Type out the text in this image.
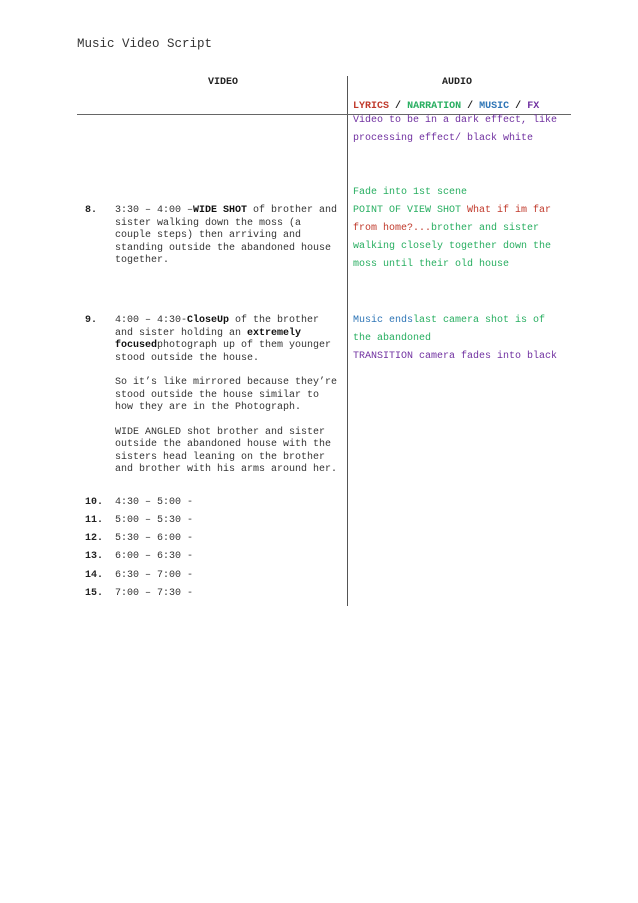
Music Video Script
VIDEO	AUDIO
LYRICS / NARRATION / MUSIC / FX
Video to be in a dark effect, like processing effect/ black white
Fade into 1st scene
8. 3:30 – 4:00 –WIDE SHOT of brother and sister walking down the moss (a couple steps) then arriving and standing outside the abandoned house together.
POINT OF VIEW SHOT What if im far from home?...brother and sister walking closely together down the moss until their old house
9. 4:00 – 4:30-CloseUp of the brother and sister holding an extremely focusedphotograph up of them younger stood outside the house.
So it’s like mirrored because they’re stood outside the house similar to how they are in the Photograph.
WIDE ANGLED shot brother and sister outside the abandoned house with the sisters head leaning on the brother and brother with his arms around her.
Music endslast camera shot is of the abandoned
TRANSITION camera fades into black
10. 4:30 – 5:00 -
11. 5:00 – 5:30 -
12. 5:30 – 6:00 -
13. 6:00 – 6:30 -
14. 6:30 – 7:00 -
15. 7:00 – 7:30 -
